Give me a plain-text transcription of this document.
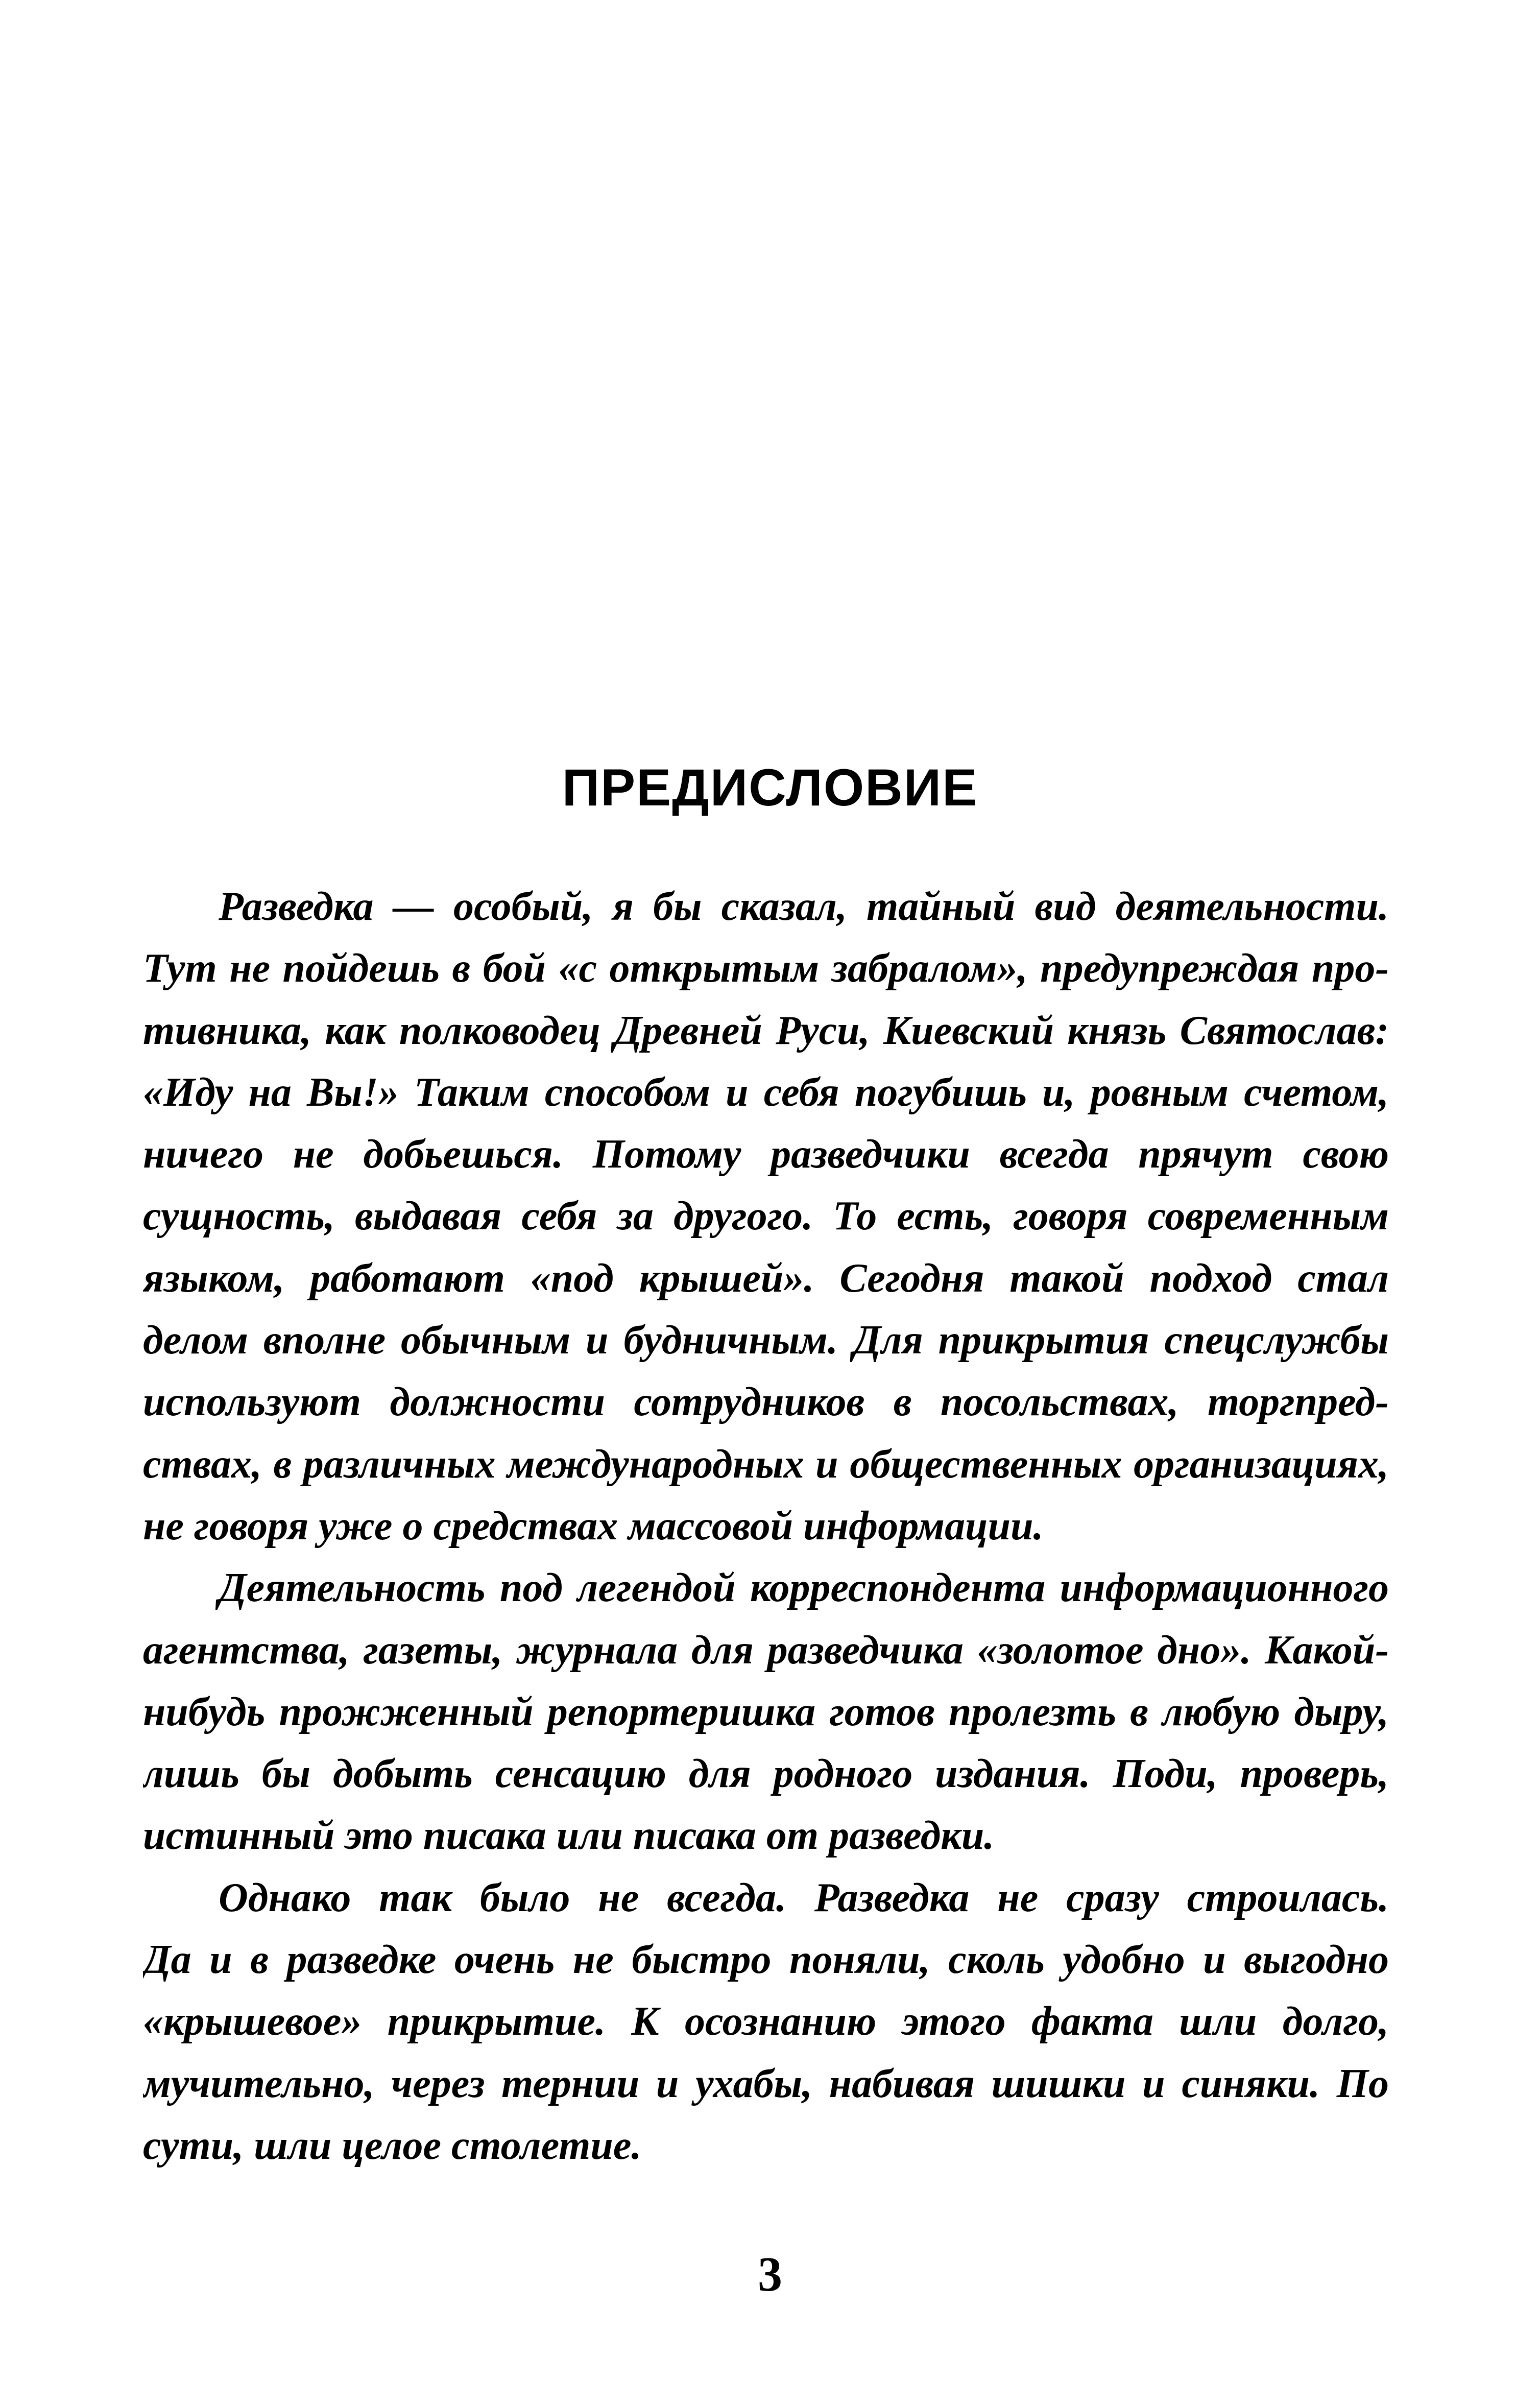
ПРЕДИСЛОВИЕ
Разведка — особый, я бы сказал, тайный вид деятельности.
Тут не пойдешь в бой «с открытым забралом», предупреждая про-
тивника, как полководец Древней Руси, Киевский князь Святослав:
«Иду на Вы!» Таким способом и себя погубишь и, ровным счетом,
ничего не добьешься. Потому разведчики всегда прячут свою
сущность, выдавая себя за другого. То есть, говоря современным
языком, работают «под крышей». Сегодня такой подход стал
делом вполне обычным и будничным. Для прикрытия спецслужбы
используют должности сотрудников в посольствах, торгпред-
ствах, в различных международных и общественных организациях,
не говоря уже о средствах массовой информации.
Деятельность под легендой корреспондента информационного
агентства, газеты, журнала для разведчика «золотое дно». Какой-
нибудь прожженный репортеришка готов пролезть в любую дыру,
лишь бы добыть сенсацию для родного издания. Поди, проверь,
истинный это писака или писака от разведки.
Однако так было не всегда. Разведка не сразу строилась.
Да и в разведке очень не быстро поняли, сколь удобно и выгодно
«крышевое» прикрытие. К осознанию этого факта шли долго,
мучительно, через тернии и ухабы, набивая шишки и синяки. По
сути, шли целое столетие.
3
